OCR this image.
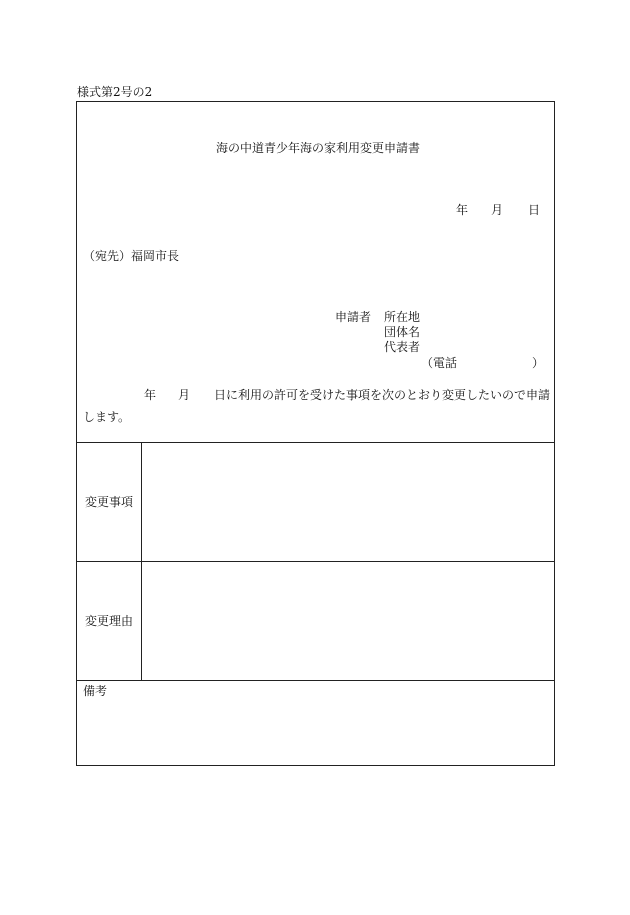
様式第2号の2
変更事項
変更理由
備考
海の中道青少年海の家利用変更申請書
年 月 日
（宛先）福岡市長
申請者 所在地
団体名
代表者
（電話	）
年 月 日に利用の許可を受けた事項を次のとおり変更したいので申請
します。
